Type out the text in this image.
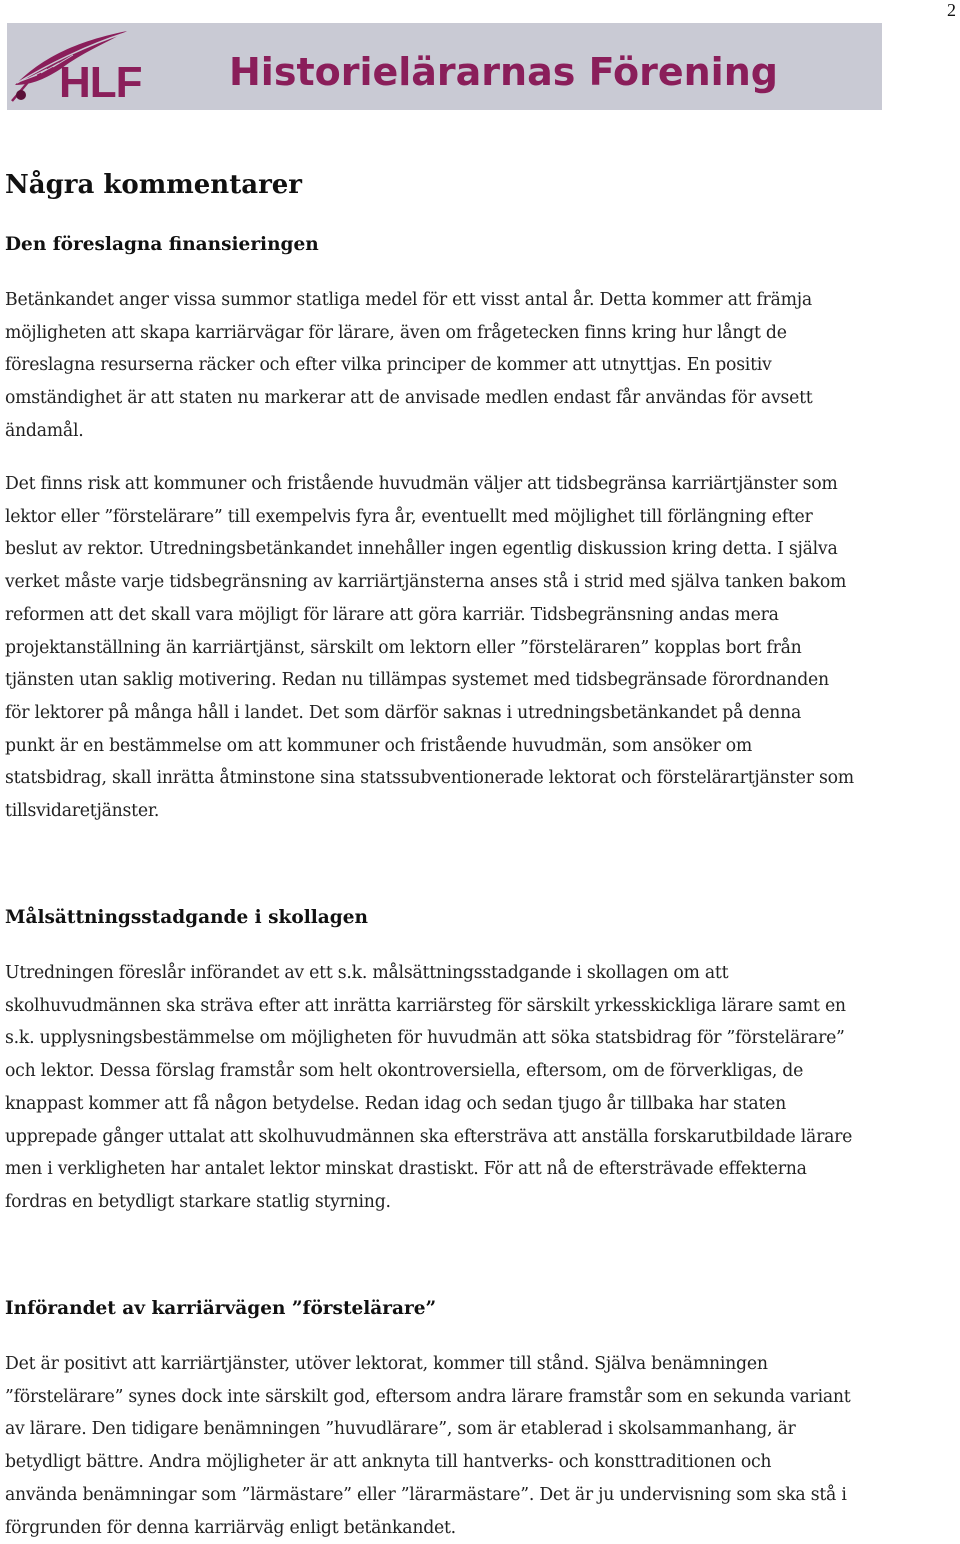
2
HLF Historielärarnas Förening
Några kommentarer
Den föreslagna finansieringen

Betänkandet anger vissa summor statliga medel för ett visst antal år. Detta kommer att främja
möjligheten att skapa karriärvägar för lärare, även om frågetecken finns kring hur långt de
föreslagna resurserna räcker och efter vilka principer de kommer att utnyttjas. En positiv
omständighet är att staten nu markerar att de anvisade medlen endast får användas för avsett
ändamål.

Det finns risk att kommuner och fristående huvudmän väljer att tidsbegränsa karriärtjänster som
lektor eller ”förstelärare” till exempelvis fyra år, eventuellt med möjlighet till förlängning efter
beslut av rektor. Utredningsbetänkandet innehåller ingen egentlig diskussion kring detta. I själva
verket måste varje tidsbegränsning av karriärtjänsterna anses stå i strid med själva tanken bakom
reformen att det skall vara möjligt för lärare att göra karriär. Tidsbegränsning andas mera
projektanställning än karriärtjänst, särskilt om lektorn eller ”försteläraren” kopplas bort från
tjänsten utan saklig motivering. Redan nu tillämpas systemet med tidsbegränsade förordnanden
för lektorer på många håll i landet. Det som därför saknas i utredningsbetänkandet på denna
punkt är en bestämmelse om att kommuner och fristående huvudmän, som ansöker om
statsbidrag, skall inrätta åtminstone sina statssubventionerade lektorat och förstelärartjänster som
tillsvidaretjänster.

Målsättningsstadgande i skollagen

Utredningen föreslår införandet av ett s.k. målsättningsstadgande i skollagen om att
skolhuvudmännen ska sträva efter att inrätta karriärsteg för särskilt yrkesskickliga lärare samt en
s.k. upplysningsbestämmelse om möjligheten för huvudmän att söka statsbidrag för ”förstelärare”
och lektor. Dessa förslag framstår som helt okontroversiella, eftersom, om de förverkligas, de
knappast kommer att få någon betydelse. Redan idag och sedan tjugo år tillbaka har staten
upprepade gånger uttalat att skolhuvudmännen ska eftersträva att anställa forskarutbildade lärare
men i verkligheten har antalet lektor minskat drastiskt. För att nå de eftersträvade effekterna
fordras en betydligt starkare statlig styrning.

Införandet av karriärvägen ”förstelärare”

Det är positivt att karriärtjänster, utöver lektorat, kommer till stånd. Själva benämningen
”förstelärare” synes dock inte särskilt god, eftersom andra lärare framstår som en sekunda variant
av lärare. Den tidigare benämningen ”huvudlärare”, som är etablerad i skolsammanhang, är
betydligt bättre. Andra möjligheter är att anknyta till hantverks- och konsttraditionen och
använda benämningar som ”lärmästare” eller ”lärarmästare”. Det är ju undervisning som ska stå i
förgrunden för denna karriärväg enligt betänkandet.
